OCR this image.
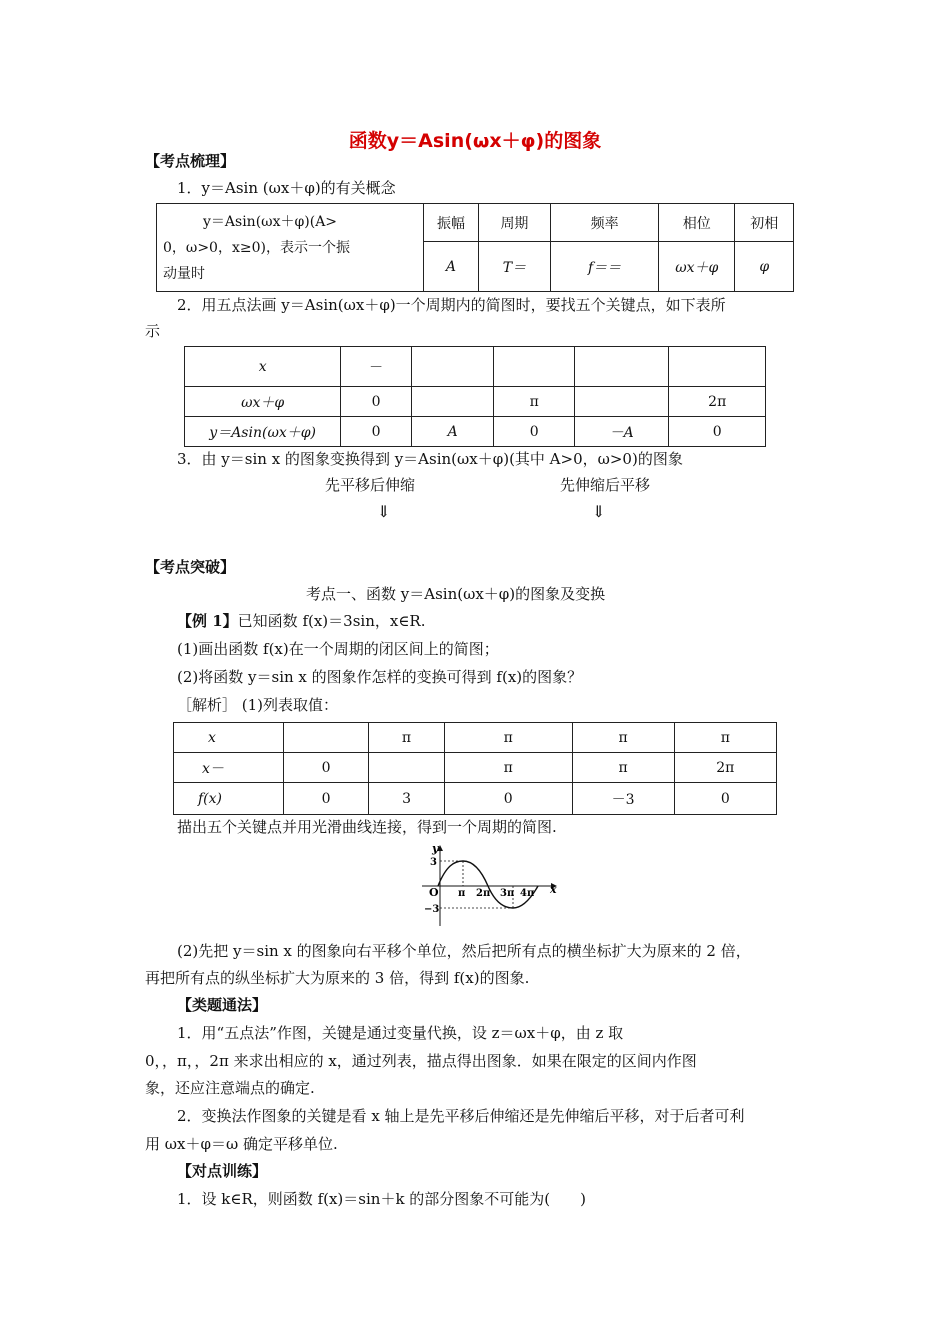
函数y＝Asin(ωx＋φ)的图象
【考点梳理】
1．y＝Asin (ωx＋φ)的有关概念
y＝Asin(ωx＋φ)(A>
0，ω>0，x≥0)，表示一个振
动量时	振幅	周期	频率	相位	初相
	A	T＝	f＝＝	ωx＋φ	φ
2．用五点法画 y＝Asin(ωx＋φ)一个周期内的简图时，要找五个关键点，如下表所
示
x	－				
ωx＋φ	0		π		2π
y＝Asin(ωx＋φ)	0	A	0	－A	0
3．由 y＝sin x 的图象变换得到 y＝Asin(ωx＋φ)(其中 A>0，ω>0)的图象
先平移后伸缩	先伸缩后平移
⇓	⇓
【考点突破】
考点一、函数 y＝Asin(ωx＋φ)的图象及变换
【例 1】已知函数 f(x)＝3sin，x∈R.
(1)画出函数 f(x)在一个周期的闭区间上的简图；
(2)将函数 y＝sin x 的图象作怎样的变换可得到 f(x)的图象？
［解析］ (1)列表取值：
x		π	π	π	π
x－	0		π	π	2π
f(x)	0	3	0	－3	0
描出五个关键点并用光滑曲线连接，得到一个周期的简图.
y
x
O
3
−3
π 2π 3π 4π
(2)先把 y＝sin x 的图象向右平移个单位，然后把所有点的横坐标扩大为原来的 2 倍，
再把所有点的纵坐标扩大为原来的 3 倍，得到 f(x)的图象.
【类题通法】
1．用“五点法”作图，关键是通过变量代换，设 z＝ωx＋φ，由 z 取
0，，π，，2π 来求出相应的 x，通过列表，描点得出图象．如果在限定的区间内作图
象，还应注意端点的确定.
2．变换法作图象的关键是看 x 轴上是先平移后伸缩还是先伸缩后平移，对于后者可利
用 ωx＋φ＝ω 确定平移单位.
【对点训练】
1．设 k∈R，则函数 f(x)＝sin＋k 的部分图象不可能为(　　)
